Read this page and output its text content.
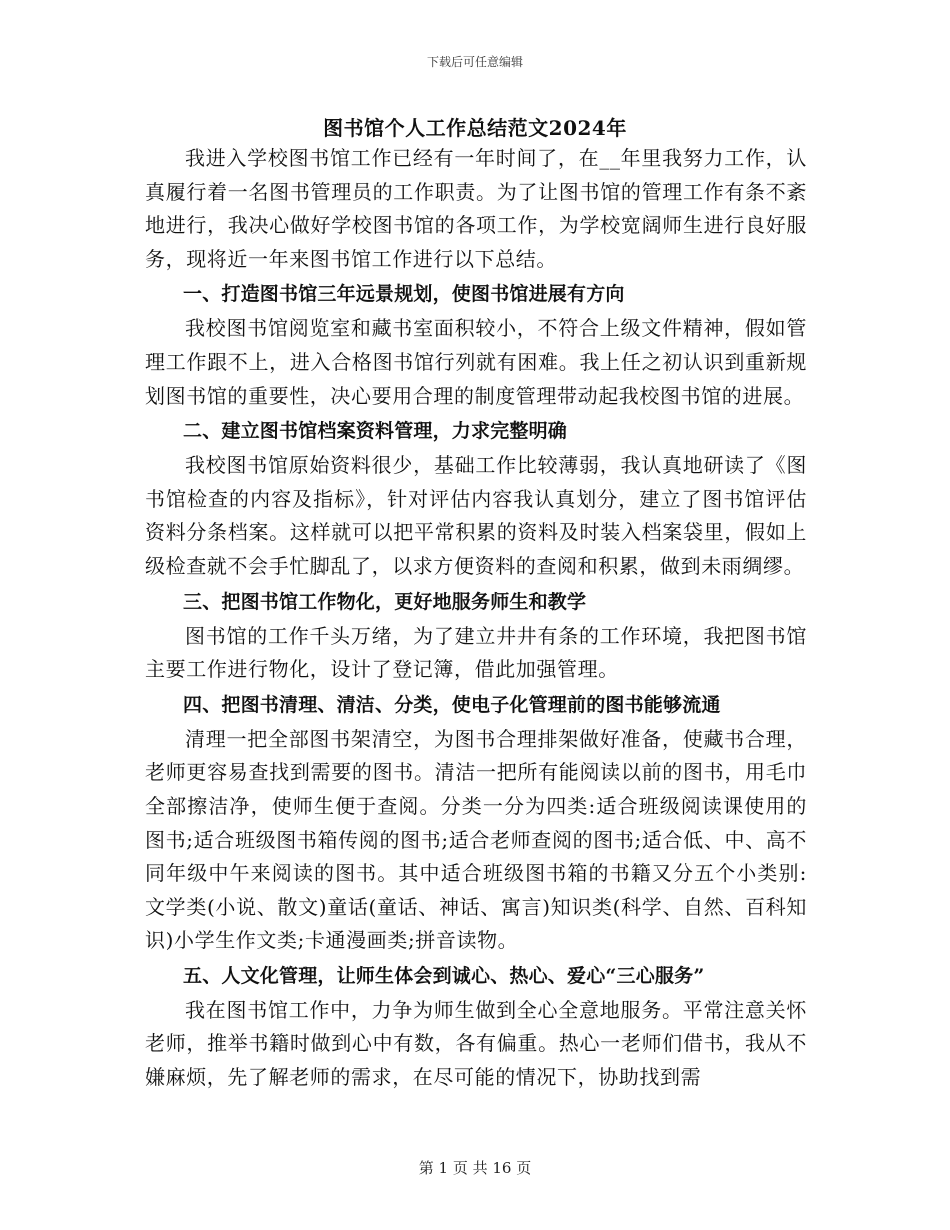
下载后可任意编辑
图书馆个人工作总结范文2024年

我进入学校图书馆工作已经有一年时间了，在__年里我努力工作，认真履行着一名图书管理员的工作职责。为了让图书馆的管理工作有条不紊地进行，我决心做好学校图书馆的各项工作，为学校宽阔师生进行良好服务，现将近一年来图书馆工作进行以下总结。

一、打造图书馆三年远景规划，使图书馆进展有方向

我校图书馆阅览室和藏书室面积较小，不符合上级文件精神，假如管理工作跟不上，进入合格图书馆行列就有困难。我上任之初认识到重新规划图书馆的重要性，决心要用合理的制度管理带动起我校图书馆的进展。

二、建立图书馆档案资料管理，力求完整明确

我校图书馆原始资料很少，基础工作比较薄弱，我认真地研读了《图书馆检查的内容及指标》，针对评估内容我认真划分，建立了图书馆评估资料分条档案。这样就可以把平常积累的资料及时装入档案袋里，假如上级检查就不会手忙脚乱了，以求方便资料的查阅和积累，做到未雨绸缪。

三、把图书馆工作物化，更好地服务师生和教学

图书馆的工作千头万绪，为了建立井井有条的工作环境，我把图书馆主要工作进行物化，设计了登记簿，借此加强管理。

四、把图书清理、清洁、分类，使电子化管理前的图书能够流通

清理一把全部图书架清空，为图书合理排架做好准备，使藏书合理，老师更容易查找到需要的图书。清洁一把所有能阅读以前的图书，用毛巾全部擦洁净，使师生便于查阅。分类一分为四类:适合班级阅读课使用的图书;适合班级图书箱传阅的图书;适合老师查阅的图书;适合低、中、高不同年级中午来阅读的图书。其中适合班级图书箱的书籍又分五个小类别:文学类(小说、散文)童话(童话、神话、寓言)知识类(科学、自然、百科知识)小学生作文类;卡通漫画类;拼音读物。

五、人文化管理，让师生体会到诚心、热心、爱心“三心服务”

我在图书馆工作中，力争为师生做到全心全意地服务。平常注意关怀老师，推举书籍时做到心中有数，各有偏重。热心一老师们借书，我从不嫌麻烦，先了解老师的需求，在尽可能的情况下，协助找到需

第 1 页 共 16 页
